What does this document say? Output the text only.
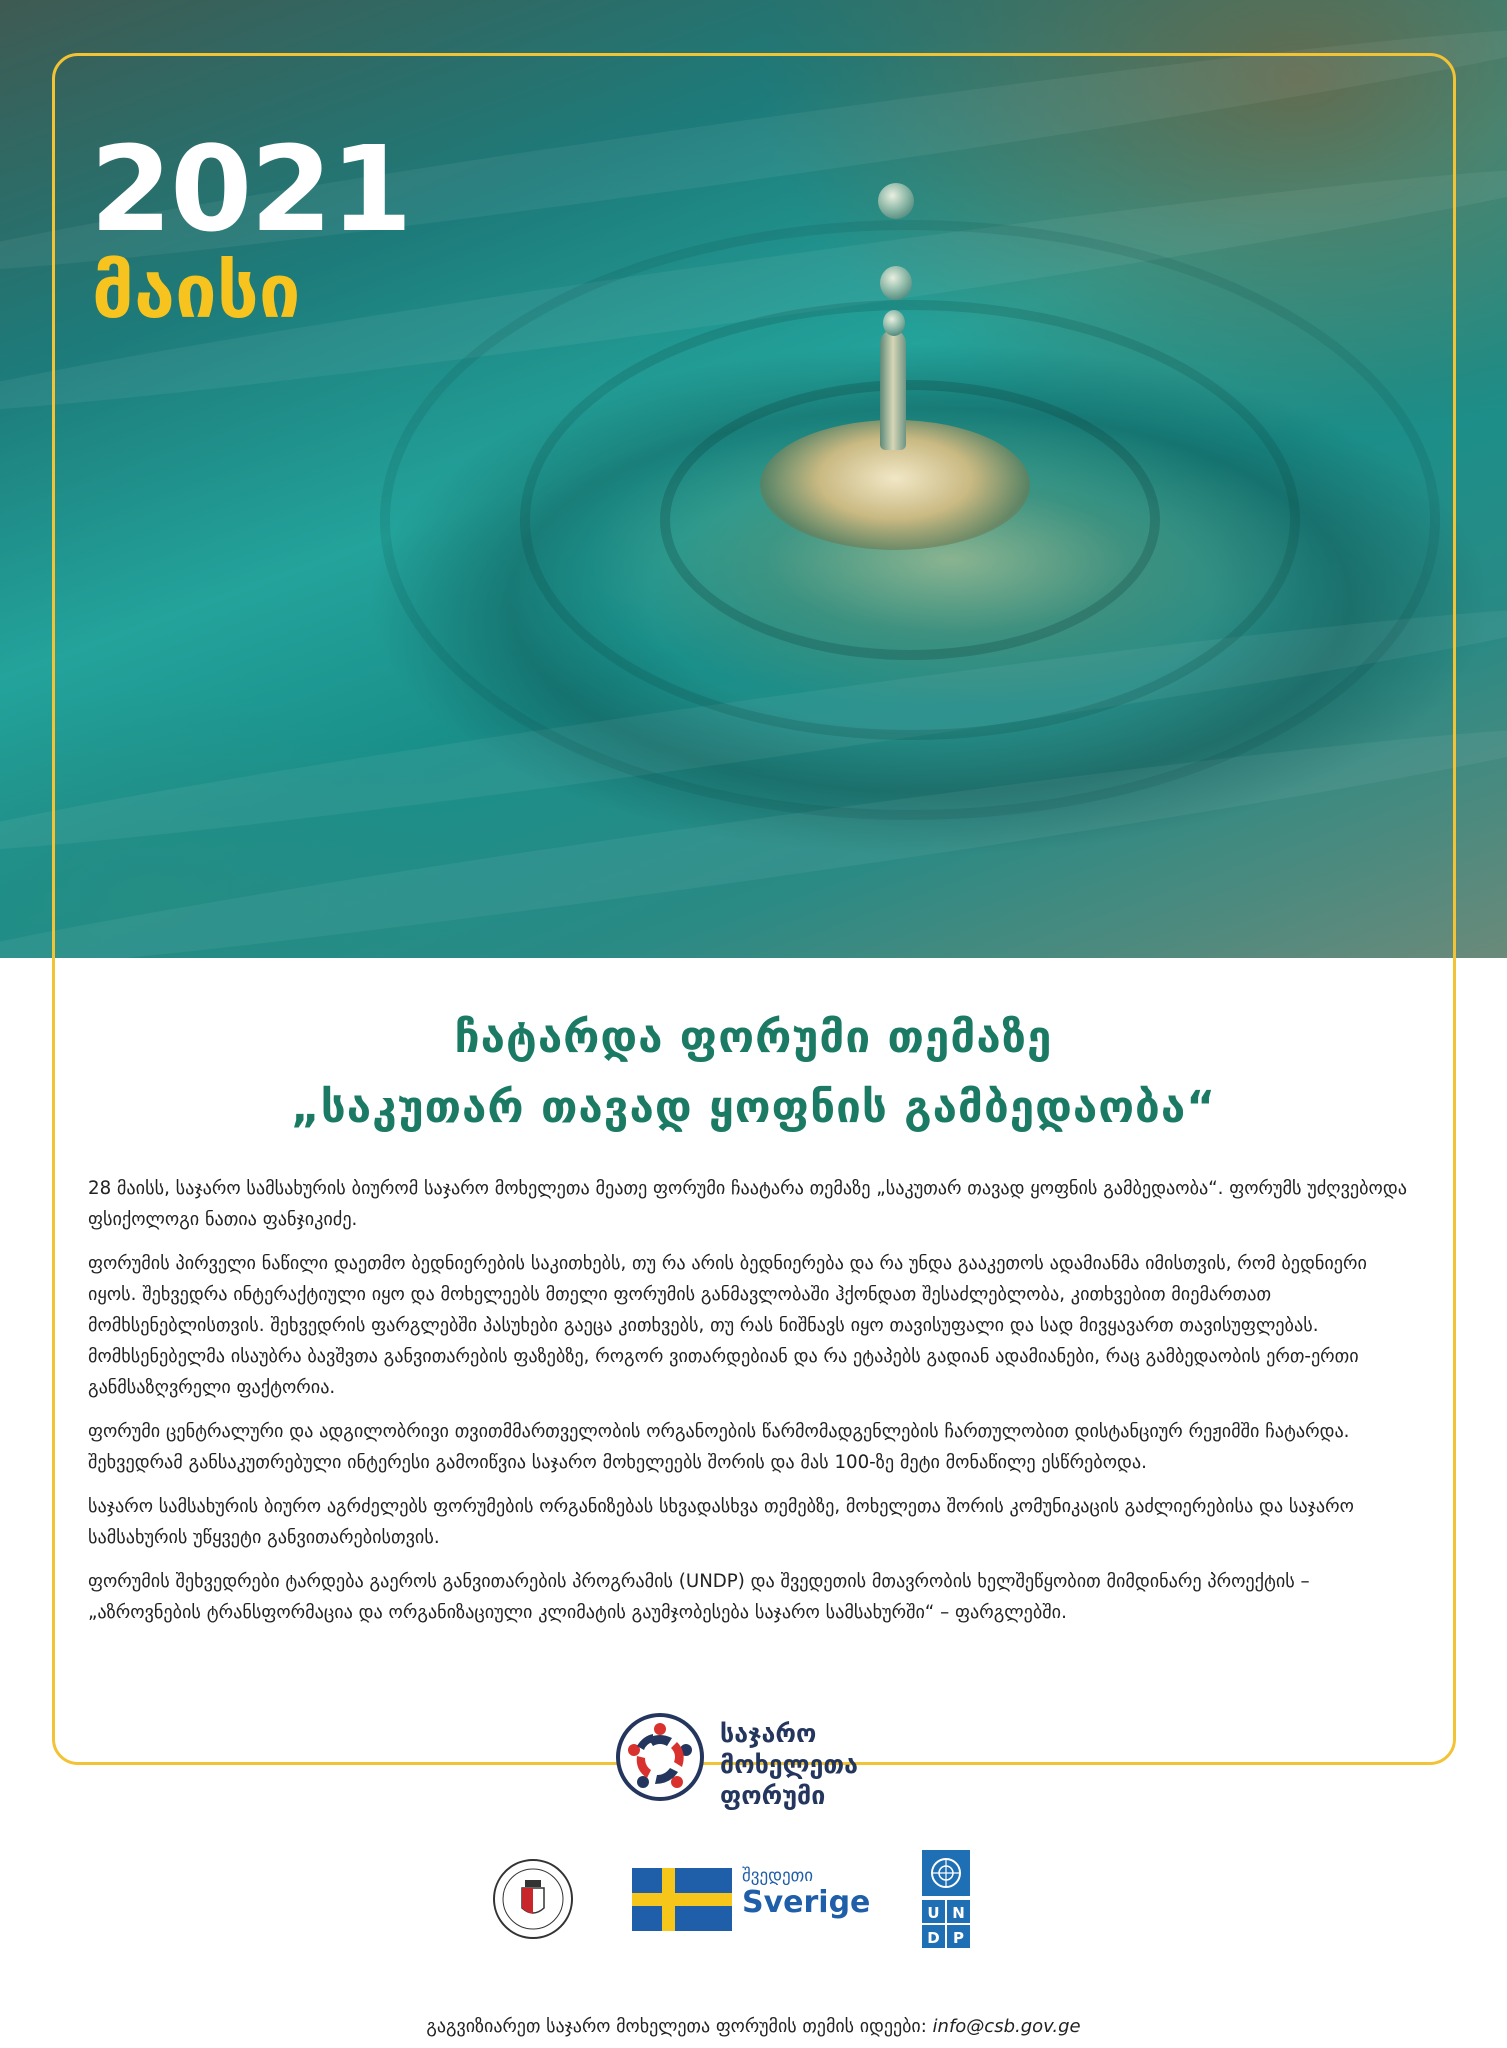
2021
მაისი
ჩატარდა ფორუმი თემაზე
„საკუთარ თავად ყოფნის გამბედაობა“

28 მაისს, საჯარო სამსახურის ბიურომ საჯარო მოხელეთა მეათე ფორუმი ჩაატარა თემაზე „საკუთარ თავად ყოფნის გამბედაობა“. ფორუმს უძღვებოდა ფსიქოლოგი ნათია ფანჯიკიძე.

ფორუმის პირველი ნაწილი დაეთმო ბედნიერების საკითხებს, თუ რა არის ბედნიერება და რა უნდა გააკეთოს ადამიანმა იმისთვის, რომ ბედნიერი იყოს. შეხვედრა ინტერაქტიული იყო და მოხელეებს მთელი ფორუმის განმავლობაში ჰქონდათ შესაძლებლობა, კითხვებით მიემართათ მომხსენებლისთვის. შეხვედრის ფარგლებში პასუხები გაეცა კითხვებს, თუ რას ნიშნავს იყო თავისუფალი და სად მივყავართ თავისუფლებას. მომხსენებელმა ისაუბრა ბავშვთა განვითარების ფაზებზე, როგორ ვითარდებიან და რა ეტაპებს გადიან ადამიანები, რაც გამბედაობის ერთ-ერთი განმსაზღვრელი ფაქტორია.

ფორუმი ცენტრალური და ადგილობრივი თვითმმართველობის ორგანოების წარმომადგენლების ჩართულობით დისტანციურ რეჟიმში ჩატარდა. შეხვედრამ განსაკუთრებული ინტერესი გამოიწვია საჯარო მოხელეებს შორის და მას 100-ზე მეტი მონაწილე ესწრებოდა.

საჯარო სამსახურის ბიურო აგრძელებს ფორუმების ორგანიზებას სხვადასხვა თემებზე, მოხელეთა შორის კომუნიკაცის გაძლიერებისა და საჯარო სამსახურის უწყვეტი განვითარებისთვის.

ფორუმის შეხვედრები ტარდება გაეროს განვითარების პროგრამის (UNDP) და შვედეთის მთავრობის ხელშეწყობით მიმდინარე პროექტის – „აზროვნების ტრანსფორმაცია და ორგანიზაციული კლიმატის გაუმჯობესება საჯარო სამსახურში“ – ფარგლებში.

საჯარო
მოხელეთა
ფორუმი
შვედეთი
Sverige	U N
D P
გაგვიზიარეთ საჯარო მოხელეთა ფორუმის თემის იდეები: info@csb.gov.ge
